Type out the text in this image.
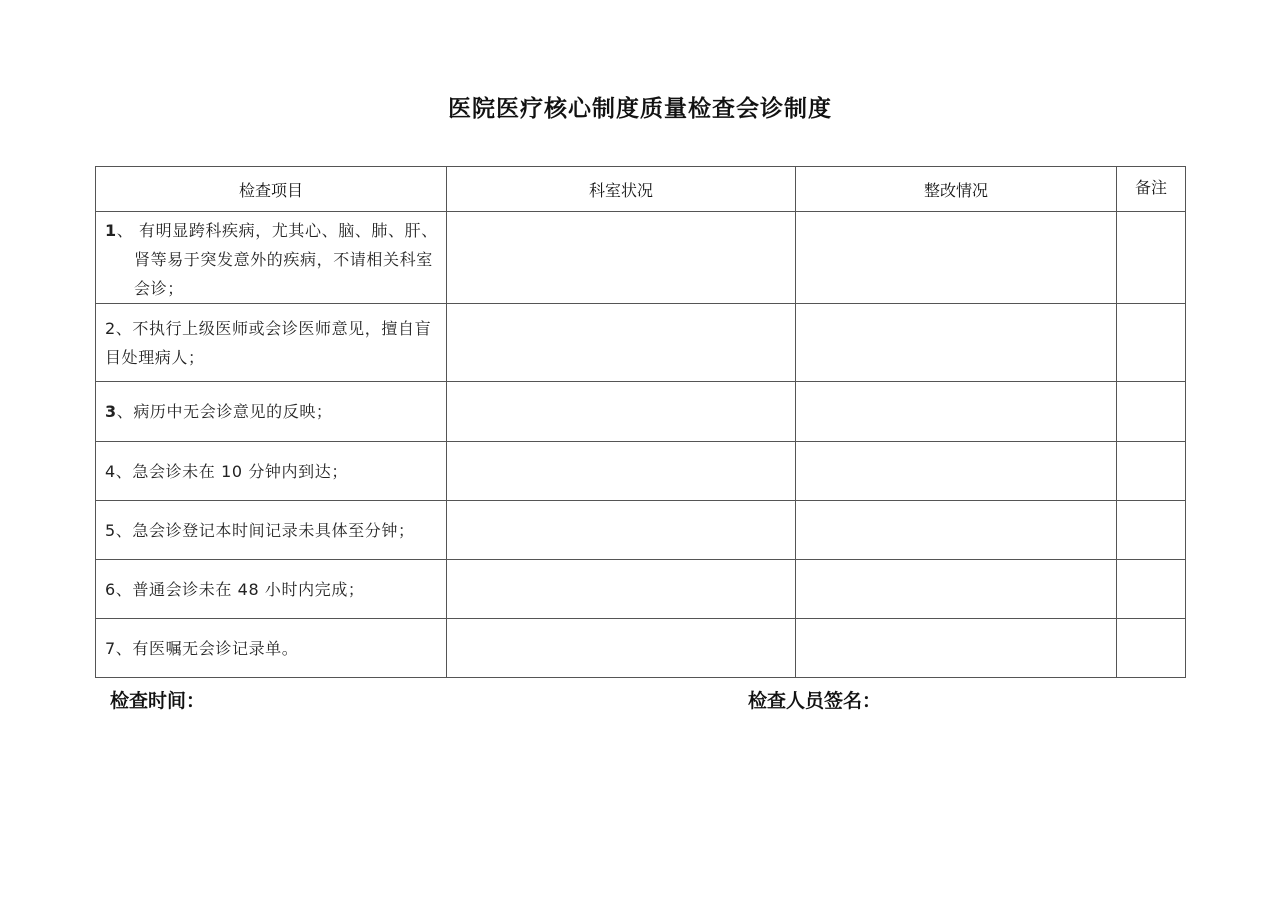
医院医疗核心制度质量检查会诊制度
检查项目	科室状况	整改情况	备注

1、 有明显跨科疾病，尤其心、脑、肺、肝、肾等易于突发意外的疾病，不请相关科室会诊；			

2、不执行上级医师或会诊医师意见，擅自盲目处理病人；			
3、病历中无会诊意见的反映；			
4、急会诊未在 10 分钟内到达；			
5、急会诊登记本时间记录未具体至分钟；			
6、普通会诊未在 48 小时内完成；			
7、有医嘱无会诊记录单。			
检查时间：	检查人员签名：
